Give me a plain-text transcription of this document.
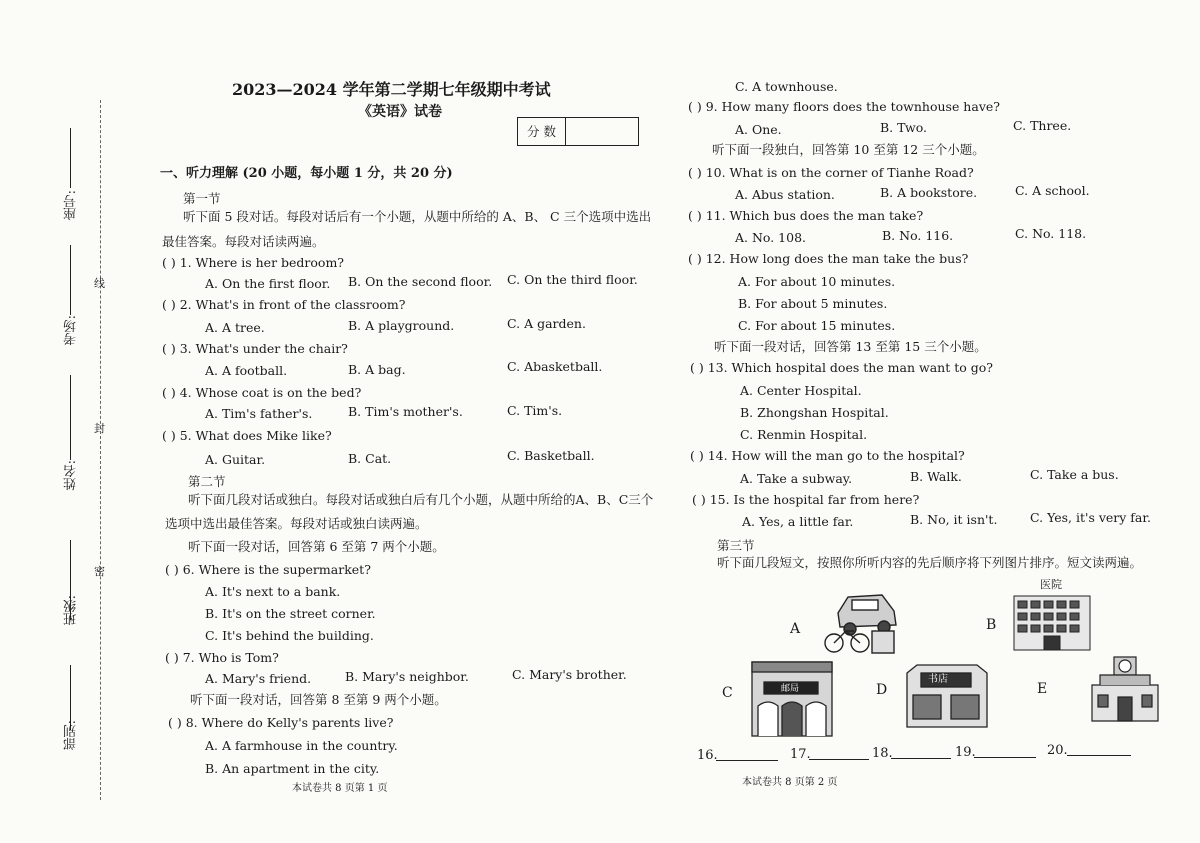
座号:
考场:
姓名:
班级:
部别:
线
封
密
2023—2024 学年第二学期七年级期中考试
《英语》试卷
分 数
一、听力理解 (20 小题，每小题 1 分，共 20 分)
第一节
听下面 5 段对话。每段对话后有一个小题，从题中所给的 A、B、 C 三个选项中选出
最佳答案。每段对话读两遍。
( ) 1. Where is her bedroom?
A. On the first floor. B. On the second floor. C. On the third floor.
( ) 2. What's in front of the classroom?
A. A tree.	B. A playground.	C. A garden.
( ) 3. What's under the chair?
A. A football.	B. A bag.	C. Abasketball.
( ) 4. Whose coat is on the bed?
A. Tim's father's.	B. Tim's mother's.	C. Tim's.
( ) 5. What does Mike like?
A. Guitar.	B. Cat.	C. Basketball.
第二节
听下面几段对话或独白。每段对话或独白后有几个小题，从题中所给的A、B、C三个
选项中选出最佳答案。每段对话或独白读两遍。
听下面一段对话，回答第 6 至第 7 两个小题。
( ) 6. Where is the supermarket?
A. It's next to a bank.
B. It's on the street corner.
C. It's behind the building.
( ) 7. Who is Tom?
A. Mary's friend.	B. Mary's neighbor.	C. Mary's brother.
听下面一段对话，回答第 8 至第 9 两个小题。
( ) 8. Where do Kelly's parents live?
A. A farmhouse in the country.
B. An apartment in the city.
本试卷共 8 页第 1 页
C. A townhouse.
( ) 9. How many floors does the townhouse have?
A. One.	B. Two.	C. Three.
听下面一段独白，回答第 10 至第 12 三个小题。
( ) 10. What is on the corner of Tianhe Road?
A. Abus station.	B. A bookstore.	C. A school.
( ) 11. Which bus does the man take?
A. No. 108.	B. No. 116.	C. No. 118.
( ) 12. How long does the man take the bus?
A. For about 10 minutes.
B. For about 5 minutes.
C. For about 15 minutes.
听下面一段对话，回答第 13 至第 15 三个小题。
( ) 13. Which hospital does the man want to go?
A. Center Hospital.
B. Zhongshan Hospital.
C. Renmin Hospital.
( ) 14. How will the man go to the hospital?
A. Take a subway.	B. Walk.	C. Take a bus.
( ) 15. Is the hospital far from here?
A. Yes, a little far.	B. No, it isn't.	C. Yes, it's very far.
第三节
听下面几段短文，按照你所听内容的先后顺序将下列图片排序。短文读两遍。
A	B
医院
C	邮局	D
书店
E
16.	17.	18.	19.	20.
本试卷共 8 页第 2 页
